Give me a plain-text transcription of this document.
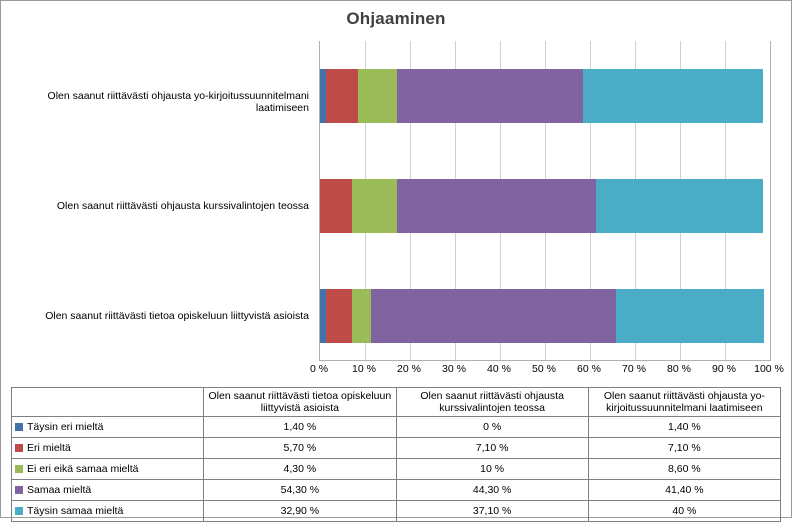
Ohjaaminen
Olen saanut riittävästi ohjausta yo-kirjoitussuunnitelmani laatimiseen
Olen saanut riittävästi ohjausta kurssivalintojen teossa
Olen saanut riittävästi tietoa opiskeluun liittyvistä asioista
0 % 10 % 20 % 30 % 40 % 50 % 60 % 70 % 80 % 90 % 100 %
	Olen saanut riittävästi tietoa opiskeluun liittyvistä asioista	Olen saanut riittävästi ohjausta kurssivalintojen teossa	Olen saanut riittävästi ohjausta yo-kirjoitussuunnitelmani laatimiseen
Täysin eri mieltä	1,40 %	0 %	1,40 %
Eri mieltä	5,70 %	7,10 %	7,10 %
Ei eri eikä samaa mieltä	4,30 %	10 %	8,60 %
Samaa mieltä	54,30 %	44,30 %	41,40 %
Täysin samaa mieltä	32,90 %	37,10 %	40 %
